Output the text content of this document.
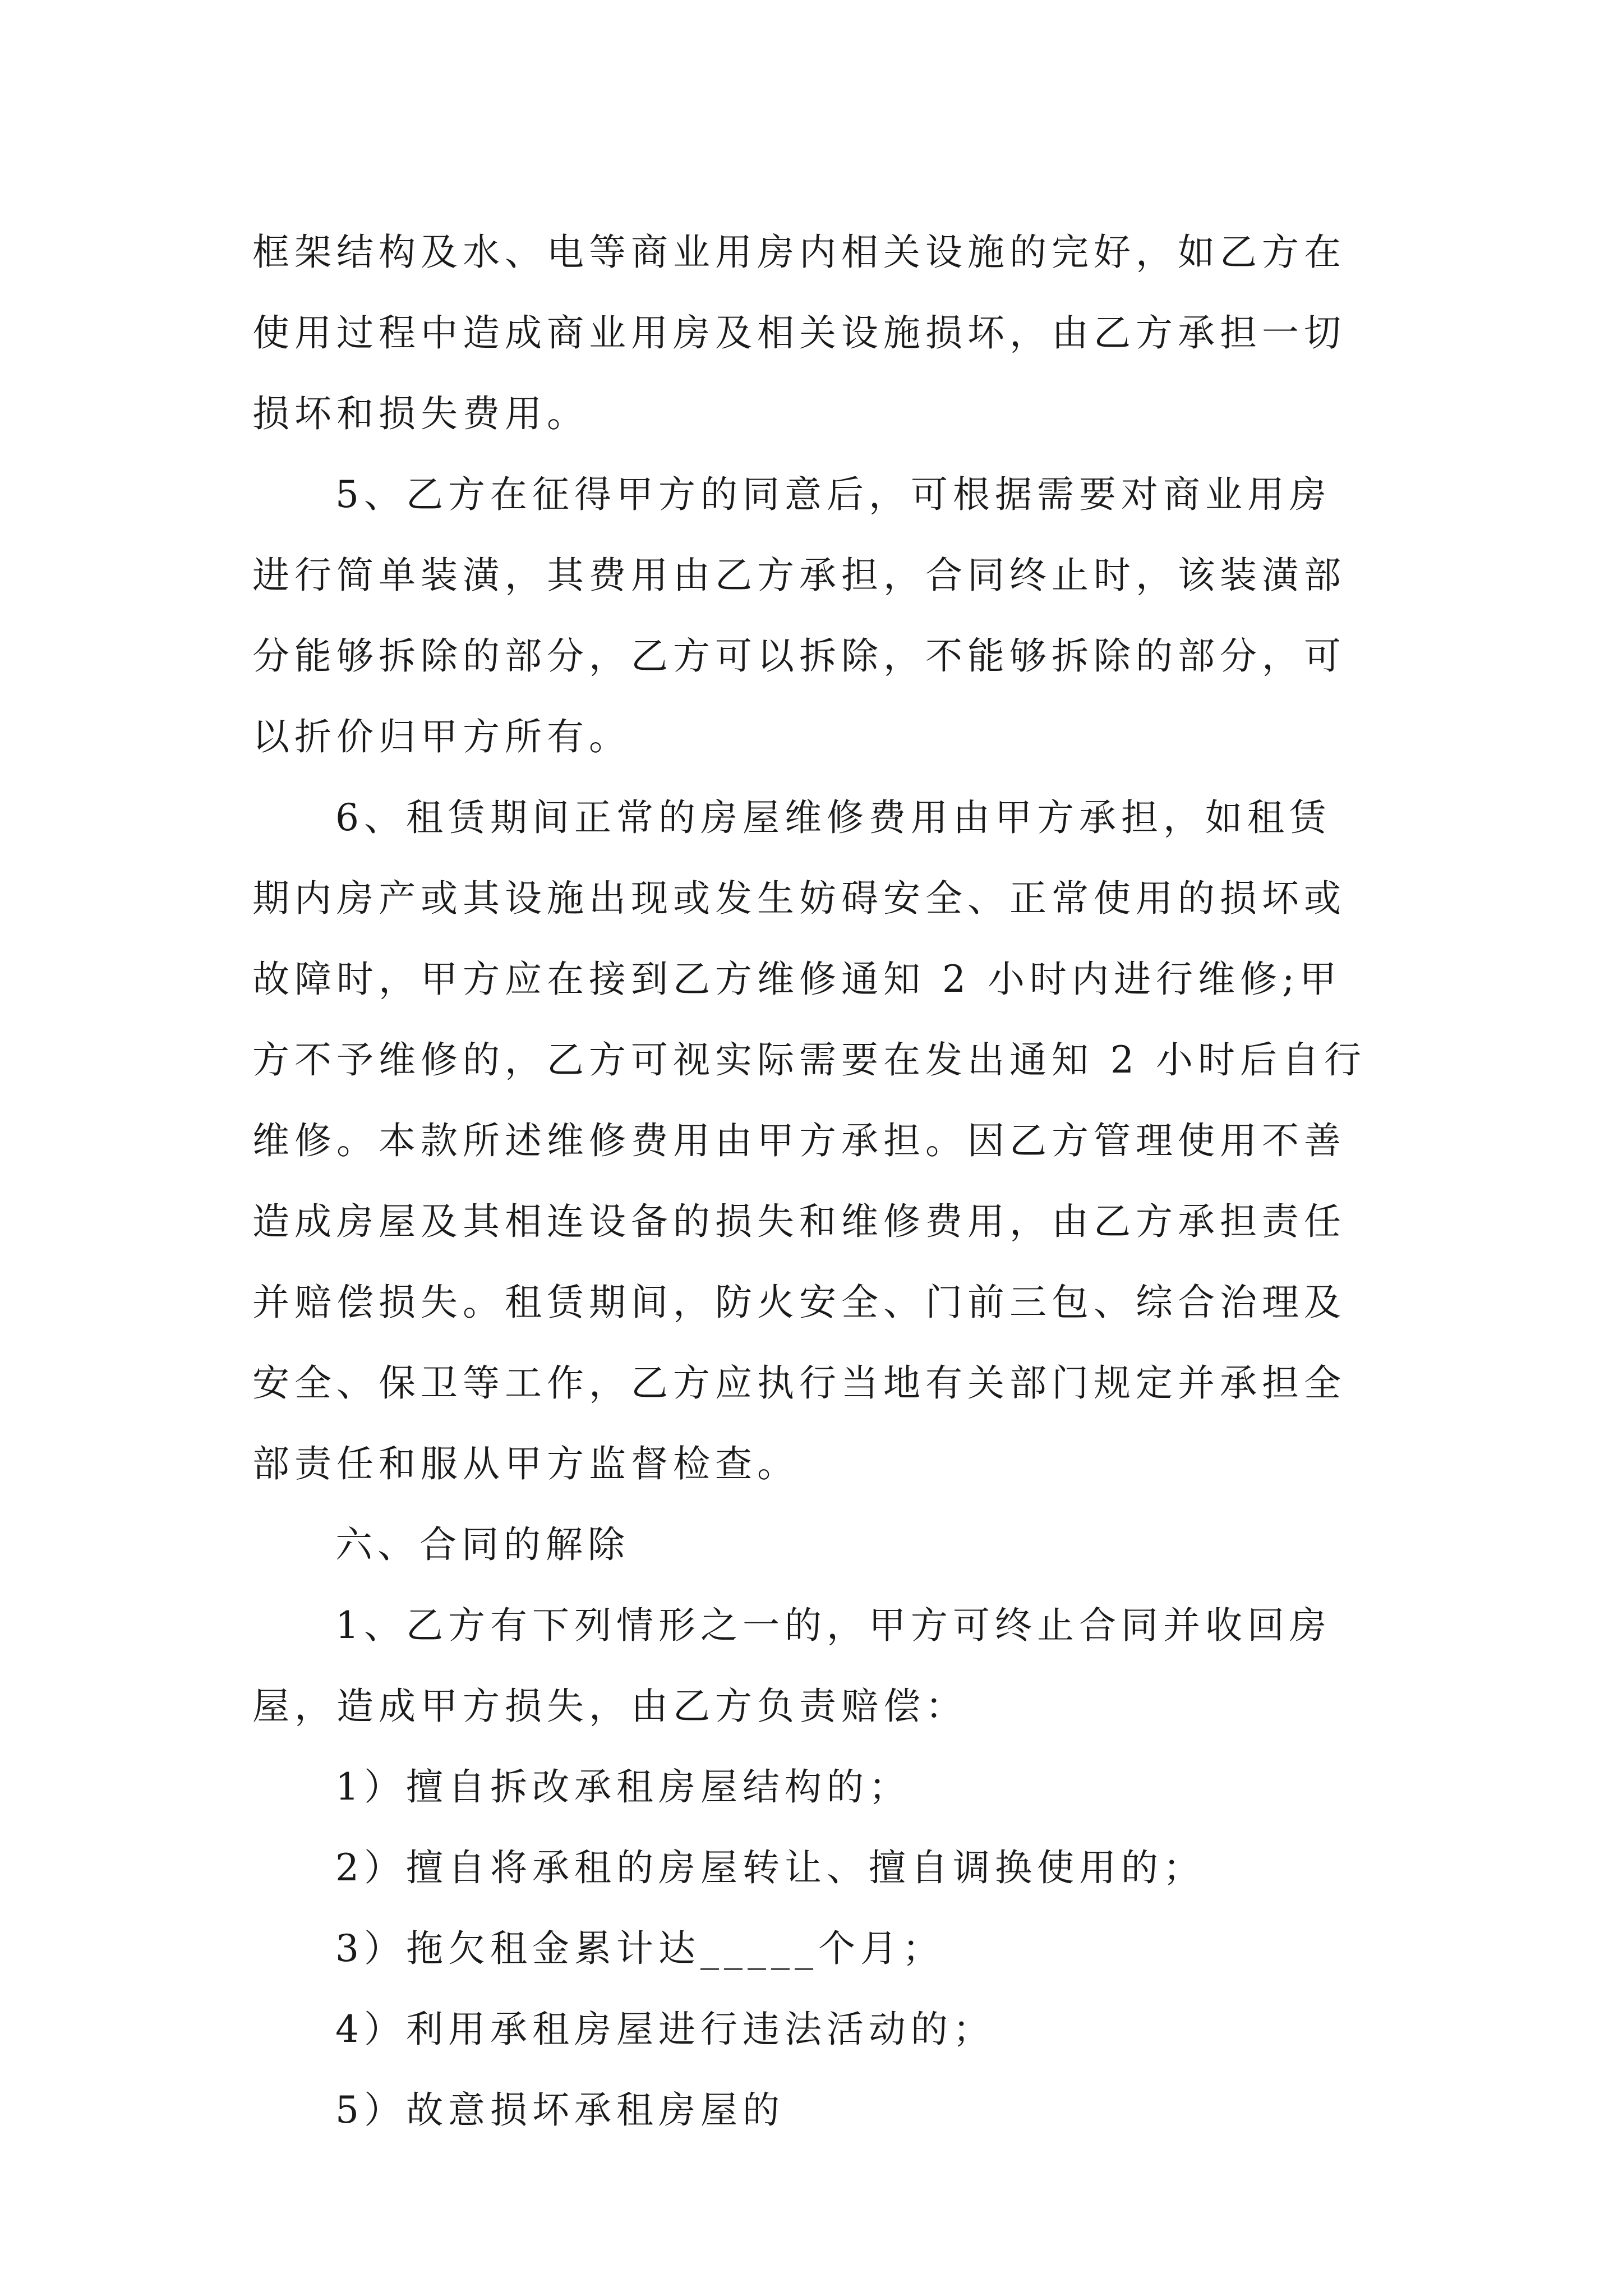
框架结构及水、电等商业用房内相关设施的完好，如乙方在
使用过程中造成商业用房及相关设施损坏，由乙方承担一切
损坏和损失费用。
5、乙方在征得甲方的同意后，可根据需要对商业用房
进行简单装潢，其费用由乙方承担，合同终止时，该装潢部
分能够拆除的部分，乙方可以拆除，不能够拆除的部分，可
以折价归甲方所有。
6、租赁期间正常的房屋维修费用由甲方承担，如租赁
期内房产或其设施出现或发生妨碍安全、正常使用的损坏或
故障时，甲方应在接到乙方维修通知 2 小时内进行维修;甲
方不予维修的，乙方可视实际需要在发出通知 2 小时后自行
维修。本款所述维修费用由甲方承担。因乙方管理使用不善
造成房屋及其相连设备的损失和维修费用，由乙方承担责任
并赔偿损失。租赁期间，防火安全、门前三包、综合治理及
安全、保卫等工作，乙方应执行当地有关部门规定并承担全
部责任和服从甲方监督检查。
六、合同的解除
1、乙方有下列情形之一的，甲方可终止合同并收回房
屋，造成甲方损失，由乙方负责赔偿：
1）擅自拆改承租房屋结构的；
2）擅自将承租的房屋转让、擅自调换使用的；
3）拖欠租金累计达_____个月；
4）利用承租房屋进行违法活动的；
5）故意损坏承租房屋的
